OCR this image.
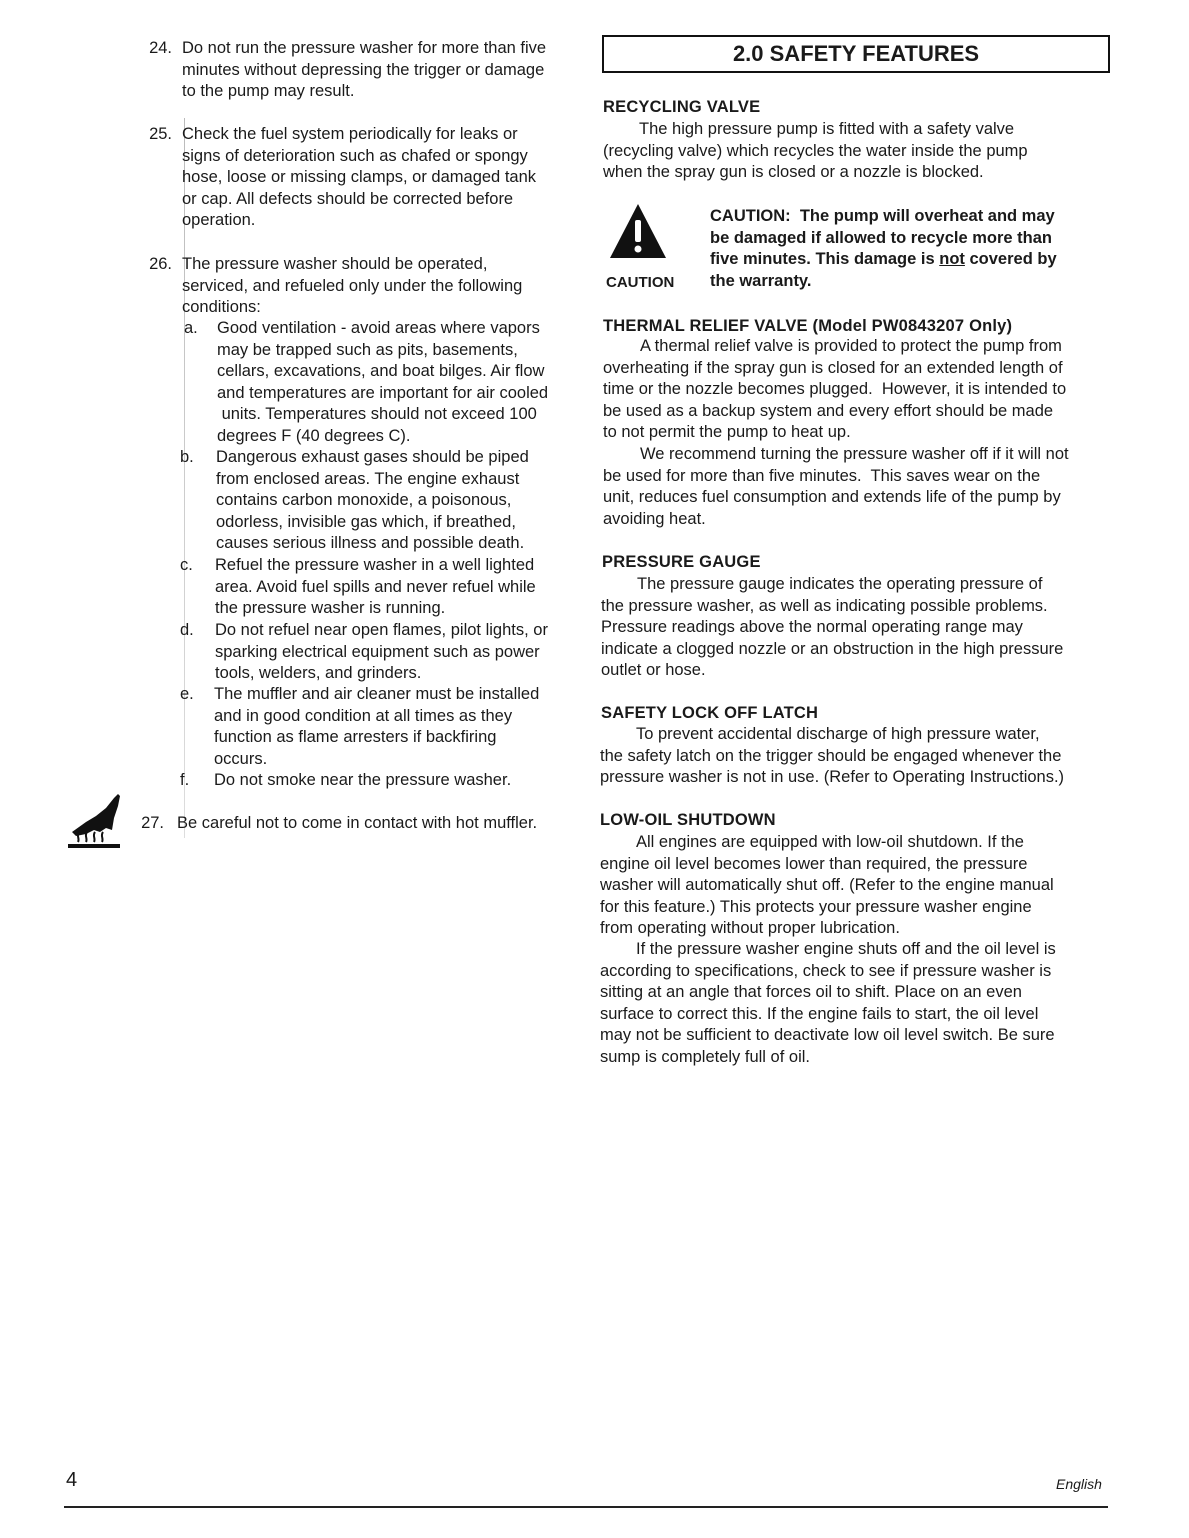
24. Do not run the pressure washer for more than five
minutes without depressing the trigger or damage
to the pump may result.
25. Check the fuel system periodically for leaks or
signs of deterioration such as chafed or spongy
hose, loose or missing clamps, or damaged tank
or cap. All defects should be corrected before
operation.
26. The pressure washer should be operated,
serviced, and refueled only under the following
conditions:
a. Good ventilation - avoid areas where vapors
may be trapped such as pits, basements,
cellars, excavations, and boat bilges. Air flow
and temperatures are important for air cooled
units. Temperatures should not exceed 100
degrees F (40 degrees C).
b. Dangerous exhaust gases should be piped
from enclosed areas. The engine exhaust
contains carbon monoxide, a poisonous,
odorless, invisible gas which, if breathed,
causes serious illness and possible death.
c. Refuel the pressure washer in a well lighted
area. Avoid fuel spills and never refuel while
the pressure washer is running.
d. Do not refuel near open flames, pilot lights, or
sparking electrical equipment such as power
tools, welders, and grinders.
e. The muffler and air cleaner must be installed
and in good condition at all times as they
function as flame arresters if backfiring
occurs.
f. Do not smoke near the pressure washer.
27. Be careful not to come in contact with hot muffler.
2.0 SAFETY FEATURES
RECYCLING VALVE
The high pressure pump is fitted with a safety valve
(recycling valve) which recycles the water inside the pump
when the spray gun is closed or a nozzle is blocked.
CAUTION
CAUTION:  The pump will overheat and may
be damaged if allowed to recycle more than
five minutes. This damage is not covered by
the warranty.
THERMAL RELIEF VALVE (Model PW0843207 Only)
A thermal relief valve is provided to protect the pump from
overheating if the spray gun is closed for an extended length of
time or the nozzle becomes plugged.  However, it is intended to
be used as a backup system and every effort should be made
to not permit the pump to heat up.
We recommend turning the pressure washer off if it will not
be used for more than five minutes.  This saves wear on the
unit, reduces fuel consumption and extends life of the pump by
avoiding heat.
PRESSURE GAUGE
The pressure gauge indicates the operating pressure of
the pressure washer, as well as indicating possible problems.
Pressure readings above the normal operating range may
indicate a clogged nozzle or an obstruction in the high pressure
outlet or hose.
SAFETY LOCK OFF LATCH
To prevent accidental discharge of high pressure water,
the safety latch on the trigger should be engaged whenever the
pressure washer is not in use. (Refer to Operating Instructions.)
LOW-OIL SHUTDOWN
All engines are equipped with low-oil shutdown. If the
engine oil level becomes lower than required, the pressure
washer will automatically shut off. (Refer to the engine manual
for this feature.) This protects your pressure washer engine
from operating without proper lubrication.
If the pressure washer engine shuts off and the oil level is
according to specifications, check to see if pressure washer is
sitting at an angle that forces oil to shift. Place on an even
surface to correct this. If the engine fails to start, the oil level
may not be sufficient to deactivate low oil level switch. Be sure
sump is completely full of oil.
4	English
